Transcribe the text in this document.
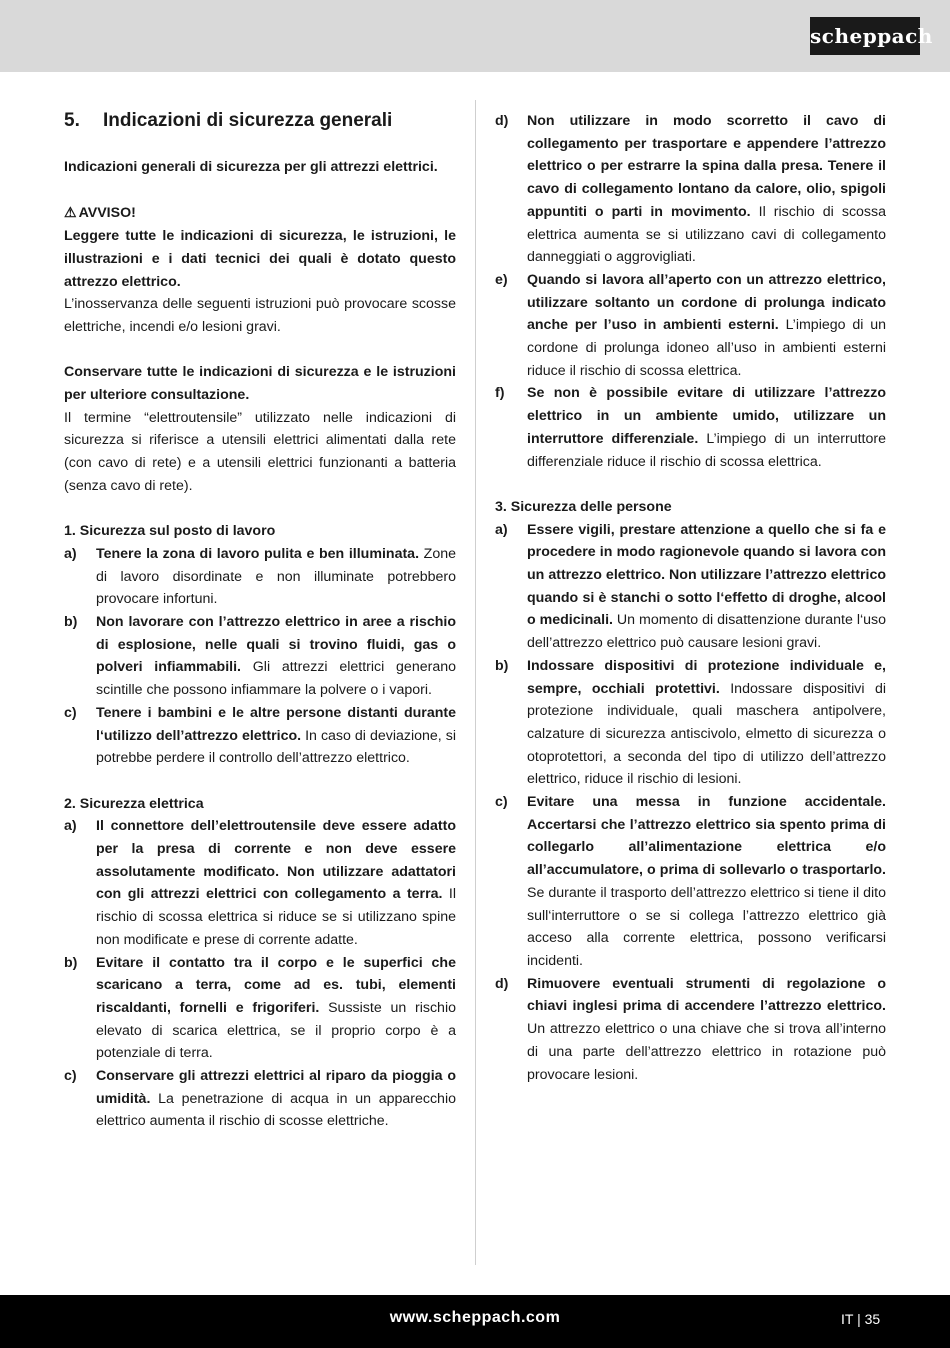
scheppach
5.	Indicazioni di sicurezza generali

Indicazioni generali di sicurezza per gli attrezzi elettrici.

⚠ AVVISO!

Leggere tutte le indicazioni di sicurezza, le istruzioni, le illustrazioni e i dati tecnici dei quali è dotato questo attrezzo elettrico.

L’inosservanza delle seguenti istruzioni può provocare scosse elettriche, incendi e/o lesioni gravi.

Conservare tutte le indicazioni di sicurezza e le istruzioni per ulteriore consultazione.

Il termine “elettroutensile” utilizzato nelle indicazioni di sicurezza si riferisce a utensili elettrici alimentati dalla rete (con cavo di rete) e a utensili elettrici funzionanti a batteria (senza cavo di rete).

1. Sicurezza sul posto di lavoro

a)	Tenere la zona di lavoro pulita e ben illuminata. Zone di lavoro disordinate e non illuminate potrebbero provocare infortuni.

b)	Non lavorare con l’attrezzo elettrico in aree a rischio di esplosione, nelle quali si trovino fluidi, gas o polveri infiammabili. Gli attrezzi elettrici generano scintille che possono infiammare la polvere o i vapori.

c)	Tenere i bambini e le altre persone distanti durante l‘utilizzo dell’attrezzo elettrico. In caso di deviazione, si potrebbe perdere il controllo dell’attrezzo elettrico.

2. Sicurezza elettrica

a)	Il connettore dell’elettroutensile deve essere adatto per la presa di corrente e non deve essere assolutamente modificato. Non utilizzare adattatori con gli attrezzi elettrici con collegamento a terra. Il rischio di scossa elettrica si riduce se si utilizzano spine non modificate e prese di corrente adatte.

b)	Evitare il contatto tra il corpo e le superfici che scaricano a terra, come ad es. tubi, elementi riscaldanti, fornelli e frigoriferi. Sussiste un rischio elevato di scarica elettrica, se il proprio corpo è a potenziale di terra.

c)	Conservare gli attrezzi elettrici al riparo da pioggia o umidità. La penetrazione di acqua in un apparecchio elettrico aumenta il rischio di scosse elettriche.

d)	Non utilizzare in modo scorretto il cavo di collegamento per trasportare e appendere l’attrezzo elettrico o per estrarre la spina dalla presa. Tenere il cavo di collegamento lontano da calore, olio, spigoli appuntiti o parti in movimento. Il rischio di scossa elettrica aumenta se si utilizzano cavi di collegamento danneggiati o aggrovigliati.

e)	Quando si lavora all’aperto con un attrezzo elettrico, utilizzare soltanto un cordone di prolunga indicato anche per l’uso in ambienti esterni. L’impiego di un cordone di prolunga idoneo all’uso in ambienti esterni riduce il rischio di scossa elettrica.

f)	Se non è possibile evitare di utilizzare l’attrezzo elettrico in un ambiente umido, utilizzare un interruttore differenziale. L’impiego di un interruttore differenziale riduce il rischio di scossa elettrica.

3. Sicurezza delle persone

a)	Essere vigili, prestare attenzione a quello che si fa e procedere in modo ragionevole quando si lavora con un attrezzo elettrico. Non utilizzare l’attrezzo elettrico quando si è stanchi o sotto l‘effetto di droghe, alcool o medicinali. Un momento di disattenzione durante l‘uso dell’attrezzo elettrico può causare lesioni gravi.

b)	Indossare dispositivi di protezione individuale e, sempre, occhiali protettivi. Indossare dispositivi di protezione individuale, quali maschera antipolvere, calzature di sicurezza antiscivolo, elmetto di sicurezza o otoprotettori, a seconda del tipo di utilizzo dell’attrezzo elettrico, riduce il rischio di lesioni.

c)	Evitare una messa in funzione accidentale. Accertarsi che l’attrezzo elettrico sia spento prima di collegarlo all’alimentazione elettrica e/o all’accumulatore, o prima di sollevarlo o trasportarlo. Se durante il trasporto dell’attrezzo elettrico si tiene il dito sull‘interruttore o se si collega l’attrezzo elettrico già acceso alla corrente elettrica, possono verificarsi incidenti.

d)	Rimuovere eventuali strumenti di regolazione o chiavi inglesi prima di accendere l’attrezzo elettrico. Un attrezzo elettrico o una chiave che si trova all’interno di una parte dell’attrezzo elettrico in rotazione può provocare lesioni.

www.scheppach.com	IT | 35
